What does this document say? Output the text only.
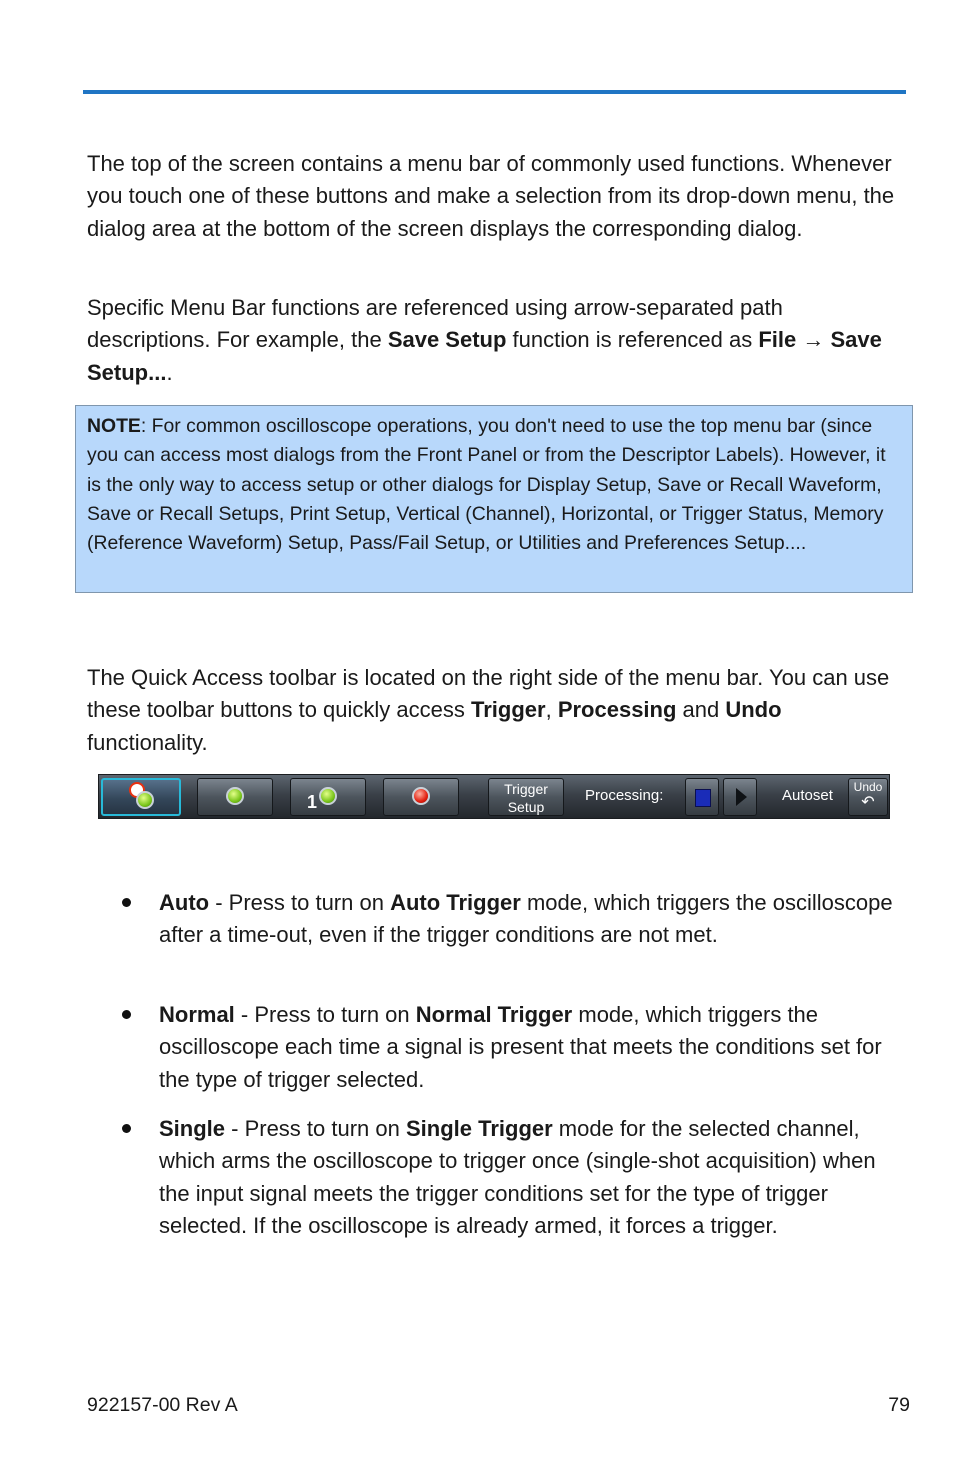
The top of the screen contains a menu bar of commonly used functions. Whenever you touch one of these buttons and make a selection from its drop-down menu, the dialog area at the bottom of the screen displays the corresponding dialog.

Specific Menu Bar functions are referenced using arrow-separated path descriptions. For example, the Save Setup function is referenced as File → Save Setup....

NOTE: For common oscilloscope operations, you don't need to use the top menu bar (since you can access most dialogs from the Front Panel or from the Descriptor Labels). However, it is the only way to access setup or other dialogs for Display Setup, Save or Recall Waveform, Save or Recall Setups, Print Setup, Vertical (Channel), Horizontal, or Trigger Status, Memory (Reference Waveform) Setup, Pass/Fail Setup, or Utilities and Preferences Setup....

The Quick Access toolbar is located on the right side of the menu bar. You can use these toolbar buttons to quickly access Trigger, Processing and Undo functionality.

1
Trigger
Setup
Processing:	Autoset	Undo
↶

Auto - Press to turn on Auto Trigger mode, which triggers the oscilloscope after a time-out, even if the trigger conditions are not met.

Normal - Press to turn on Normal Trigger mode, which triggers the oscilloscope each time a signal is present that meets the conditions set for the type of trigger selected.

Single - Press to turn on Single Trigger mode for the selected channel, which arms the oscilloscope to trigger once (single-shot acquisition) when the input signal meets the trigger conditions set for the type of trigger selected. If the oscilloscope is already armed, it forces a trigger.

922157-00 Rev A	79
